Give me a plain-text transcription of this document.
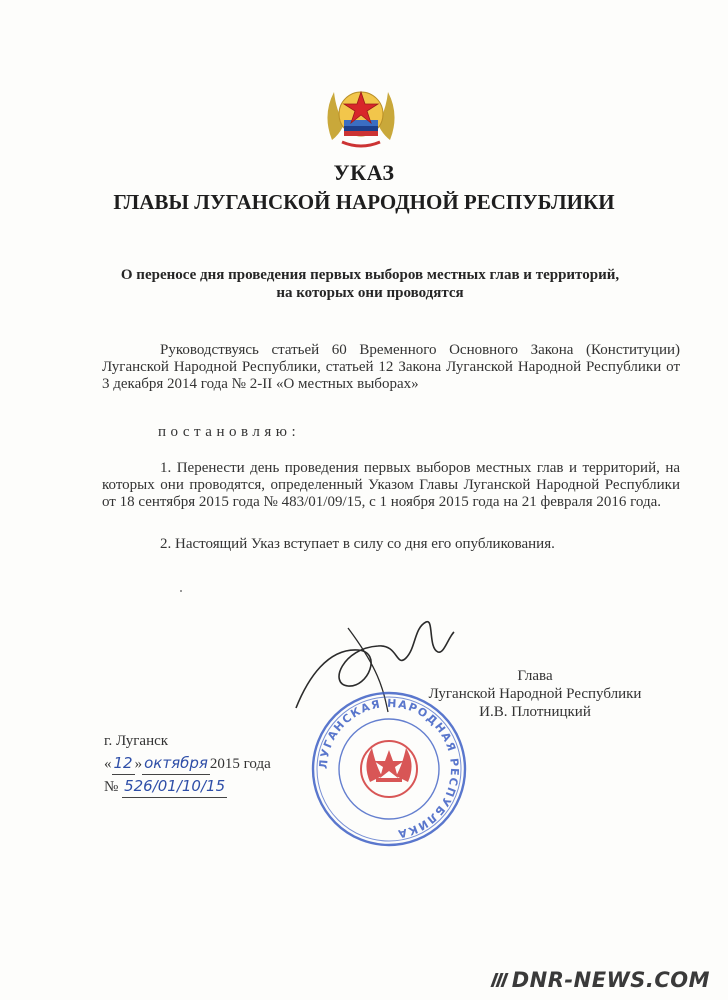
УКАЗ
ГЛАВЫ ЛУГАНСКОЙ НАРОДНОЙ РЕСПУБЛИКИ
О переносе дня проведения первых выборов местных глав и территорий,
на которых они проводятся
Руководствуясь статьей 60 Временного Основного Закона (Конституции) Луганской Народной Республики, статьей 12 Закона Луганской Народной Республики от 3 декабря 2014 года № 2-II «О местных выборах»
постановляю:
1. Перенести день проведения первых выборов местных глав и территорий, на которых они проводятся, определенный Указом Главы Луганской Народной Республики от 18 сентября 2015 года № 483/01/09/15, с 1 ноября 2015 года на 21 февраля 2016 года.
2. Настоящий Указ вступает в силу со дня его опубликования.
Глава
Луганской Народной Республики
И.В. Плотницкий
ЛУГАНСКАЯ НАРОДНАЯ РЕСПУБЛИКА
г. Луганск
« 12 » октября 2015 года
№ 526/01/10/15
DNR-NEWS.COM
